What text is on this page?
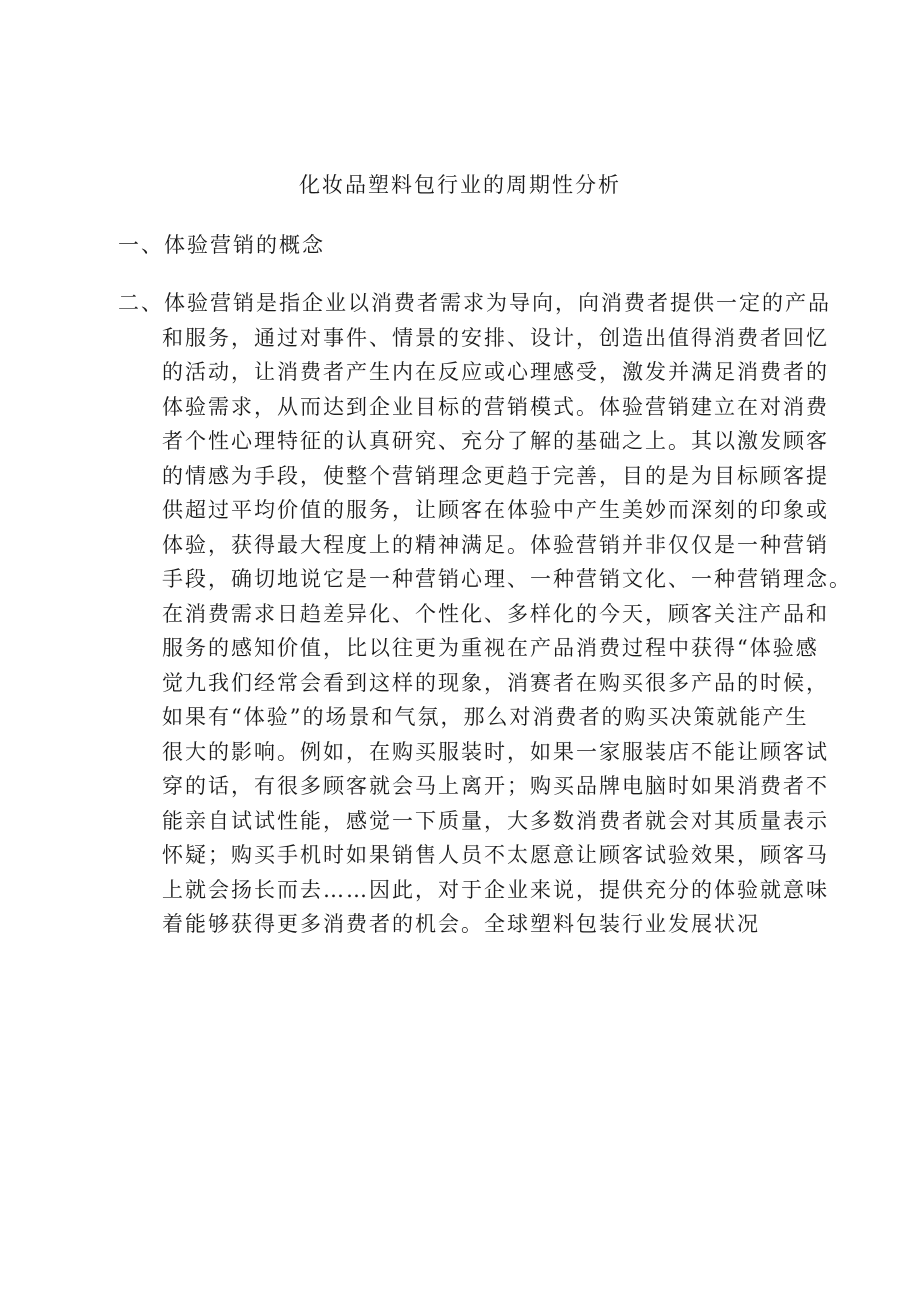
化妆品塑料包行业的周期性分析
一、体验营销的概念
二、体验营销是指企业以消费者需求为导向，向消费者提供一定的产品
和服务，通过对事件、情景的安排、设计，创造出值得消费者回忆
的活动，让消费者产生内在反应或心理感受，激发并满足消费者的
体验需求，从而达到企业目标的营销模式。体验营销建立在对消费
者个性心理特征的认真研究、充分了解的基础之上。其以激发顾客
的情感为手段，使整个营销理念更趋于完善，目的是为目标顾客提
供超过平均价值的服务，让顾客在体验中产生美妙而深刻的印象或
体验，获得最大程度上的精神满足。体验营销并非仅仅是一种营销
手段，确切地说它是一种营销心理、一种营销文化、一种营销理念。
在消费需求日趋差异化、个性化、多样化的今天，顾客关注产品和
服务的感知价值，比以往更为重视在产品消费过程中获得“体验感
觉九我们经常会看到这样的现象，消赛者在购买很多产品的时候，
如果有“体验”的场景和气氛，那么对消费者的购买决策就能产生
很大的影响。例如，在购买服装时，如果一家服装店不能让顾客试
穿的话，有很多顾客就会马上离开；购买品牌电脑时如果消费者不
能亲自试试性能，感觉一下质量，大多数消费者就会对其质量表示
怀疑；购买手机时如果销售人员不太愿意让顾客试验效果，顾客马
上就会扬长而去……因此，对于企业来说，提供充分的体验就意味
着能够获得更多消费者的机会。全球塑料包装行业发展状况
